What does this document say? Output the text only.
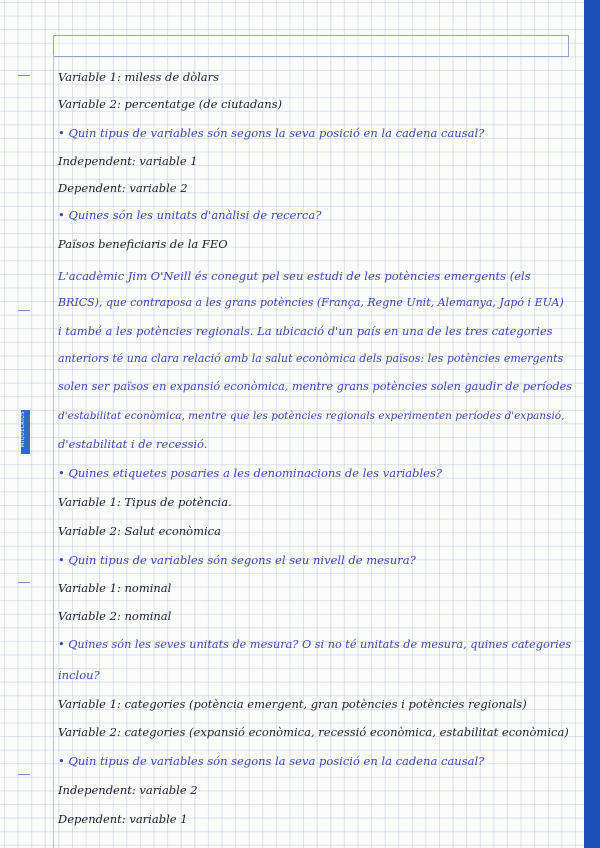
MIQUELRIUS
Variable 1: miless de dòlars
Variable 2: percentatge (de ciutadans)
• Quin tipus de variables són segons la seva posició en la cadena causal?
Independent: variable 1
Dependent: variable 2
• Quines són les unitats d'anàlisi de recerca?
Països beneficiaris de la FEO
L'acadèmic Jim O'Neill és conegut pel seu estudi de les potències emergents (els
BRICS), que contraposa a les grans potències (França, Regne Unit, Alemanya, Japó i EUA)
i també a les potències regionals. La ubicació d'un país en una de les tres categories
anteriors té una clara relació amb la salut econòmica dels països: les potències emergents
solen ser països en expansió econòmica, mentre grans potències solen gaudir de períodes
d'estabilitat econòmica, mentre que les potències regionals experimenten períodes d'expansió,
d'estabilitat i de recessió.
• Quines etiquetes posaries a les denominacions de les variables?
Variable 1: Tipus de potència.
Variable 2: Salut econòmica
• Quin tipus de variables són segons el seu nivell de mesura?
Variable 1: nominal
Variable 2: nominal
• Quines són les seves unitats de mesura? O si no té unitats de mesura, quines categories
inclou?
Variable 1: categories (potència emergent, gran potències i potències regionals)
Variable 2: categories (expansió econòmica, recessió econòmica, estabilitat econòmica)
• Quin tipus de variables són segons la seva posició en la cadena causal?
Independent: variable 2
Dependent: variable 1
